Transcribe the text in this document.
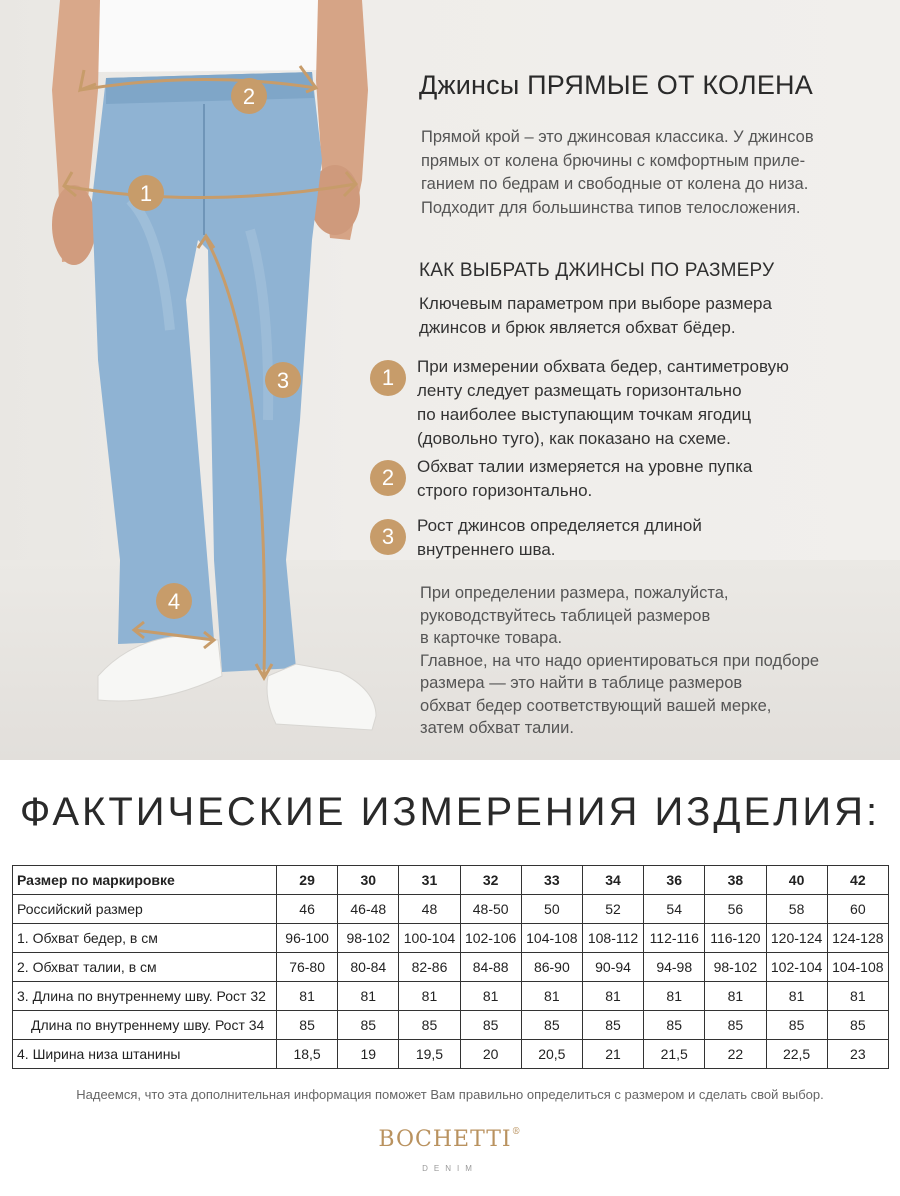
1
2
3
4
Джинсы ПРЯМЫЕ ОТ КОЛЕНА
Прямой крой – это джинсовая классика. У джинсов
прямых от колена брючины с комфортным приле-
ганием по бедрам и свободные от колена до низа.
Подходит для большинства типов телосложения.
КАК ВЫБРАТЬ ДЖИНСЫ ПО РАЗМЕРУ
Ключевым параметром при выборе размера
джинсов и брюк является обхват бёдер.
1	При измерении обхвата бедер, сантиметровую
ленту следует размещать горизонтально
по наиболее выступающим точкам ягодиц
(довольно туго), как показано на схеме.
2	Обхват талии измеряется на уровне пупка
строго горизонтально.
3	Рост джинсов определяется длиной
внутреннего шва.
При определении размера, пожалуйста,
руководствуйтесь таблицей размеров
в карточке товара.
Главное, на что надо ориентироваться при подборе
размера — это найти в таблице размеров
обхват бедер соответствующий вашей мерке,
затем обхват талии.
ФАКТИЧЕСКИЕ ИЗМЕРЕНИЯ ИЗДЕЛИЯ:
Размер по маркировке	29	30	31	32	33	34	36	38	40	42
Российский размер	46	46-48	48	48-50	50	52	54	56	58	60
1. Обхват бедер, в см	96-100	98-102	100-104	102-106	104-108	108-112	112-116	116-120	120-124	124-128
2. Обхват талии, в см	76-80	80-84	82-86	84-88	86-90	90-94	94-98	98-102	102-104	104-108
3. Длина по внутреннему шву. Рост 32	81	81	81	81	81	81	81	81	81	81
Длина по внутреннему шву. Рост 34	85	85	85	85	85	85	85	85	85	85
4. Ширина низа штанины	18,5	19	19,5	20	20,5	21	21,5	22	22,5	23
Надеемся, что эта дополнительная информация поможет Вам правильно определиться с размером и сделать свой выбор.
BOCHETTI®
DENIM
